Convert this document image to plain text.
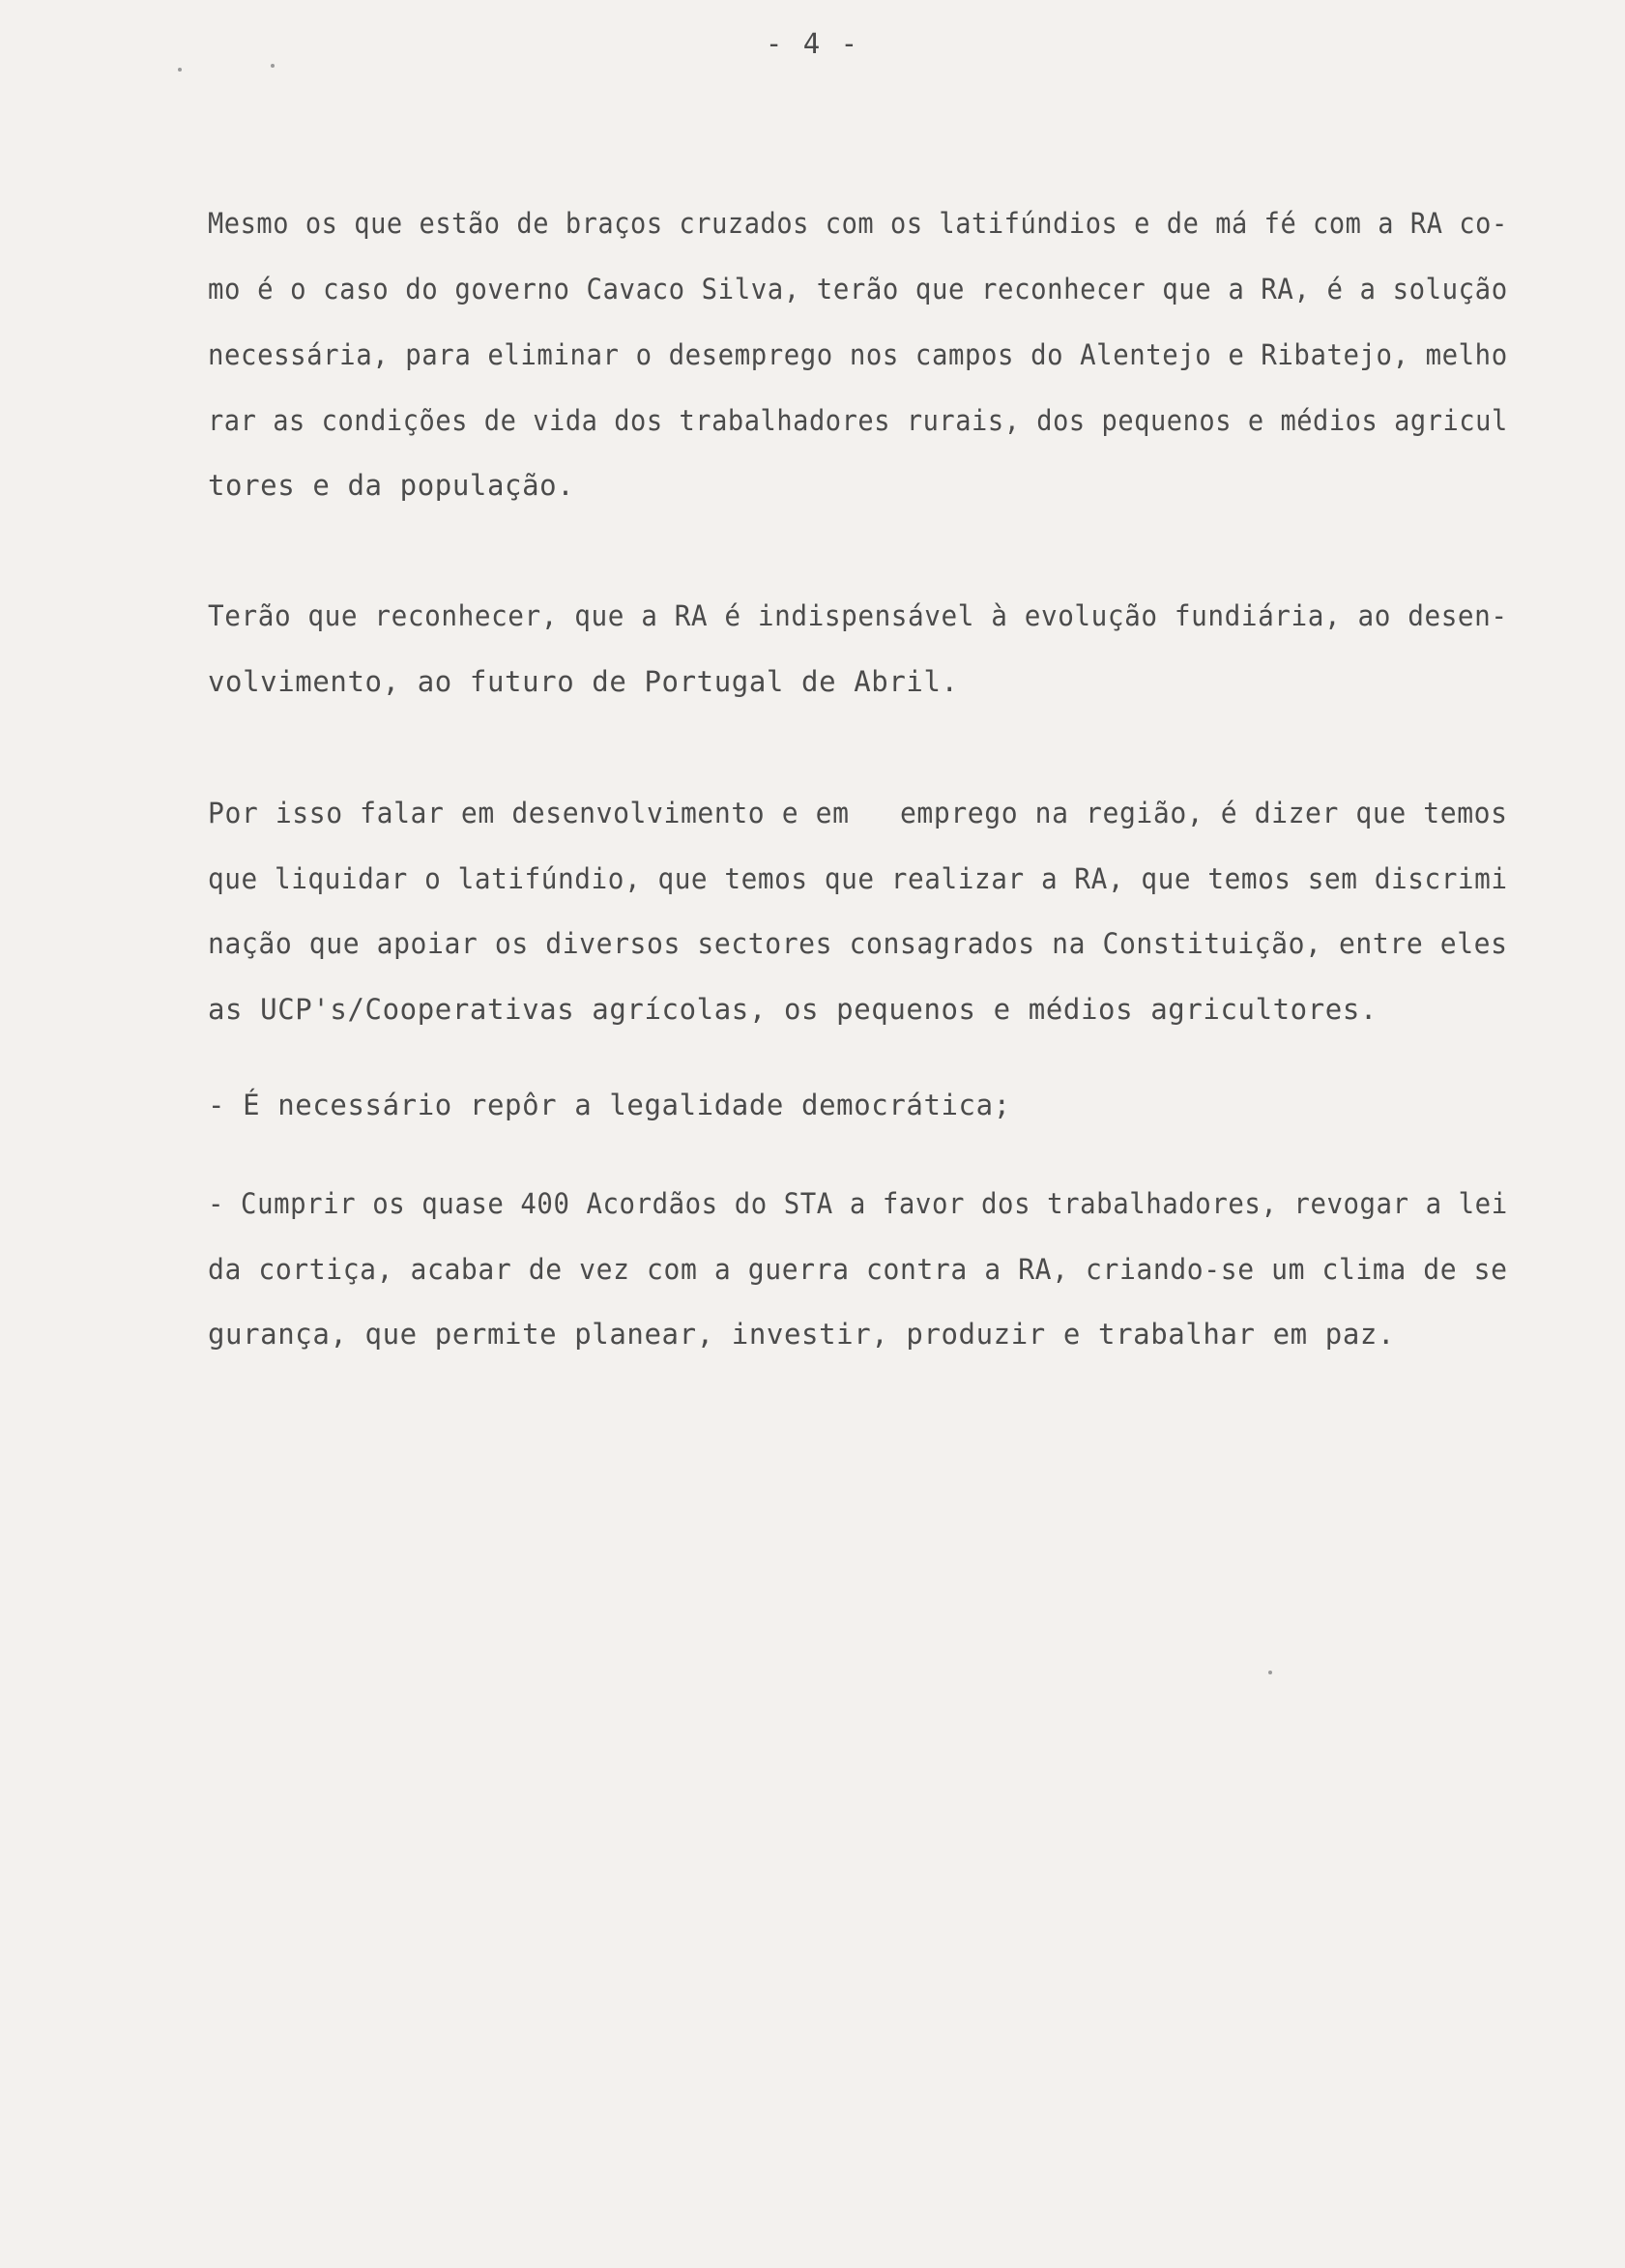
- 4 -

Mesmo os que estão de braços cruzados com os latifúndios e de má fé com a RA co-

mo é o caso do governo Cavaco Silva, terão que reconhecer que a RA, é a solução

necessária, para eliminar o desemprego nos campos do Alentejo e Ribatejo, melho

rar as condições de vida dos trabalhadores rurais, dos pequenos e médios agricul

tores e da população.

Terão que reconhecer, que a RA é indispensável à evolução fundiária, ao desen-

volvimento, ao futuro de Portugal de Abril.

Por isso falar em desenvolvimento e em   emprego na região, é dizer que temos

que liquidar o latifúndio, que temos que realizar a RA, que temos sem discrimi

nação que apoiar os diversos sectores consagrados na Constituição, entre eles

as UCP's/Cooperativas agrícolas, os pequenos e médios agricultores.

- É necessário repôr a legalidade democrática;

- Cumprir os quase 400 Acordãos do STA a favor dos trabalhadores, revogar a lei

da cortiça, acabar de vez com a guerra contra a RA, criando-se um clima de se

gurança, que permite planear, investir, produzir e trabalhar em paz.
